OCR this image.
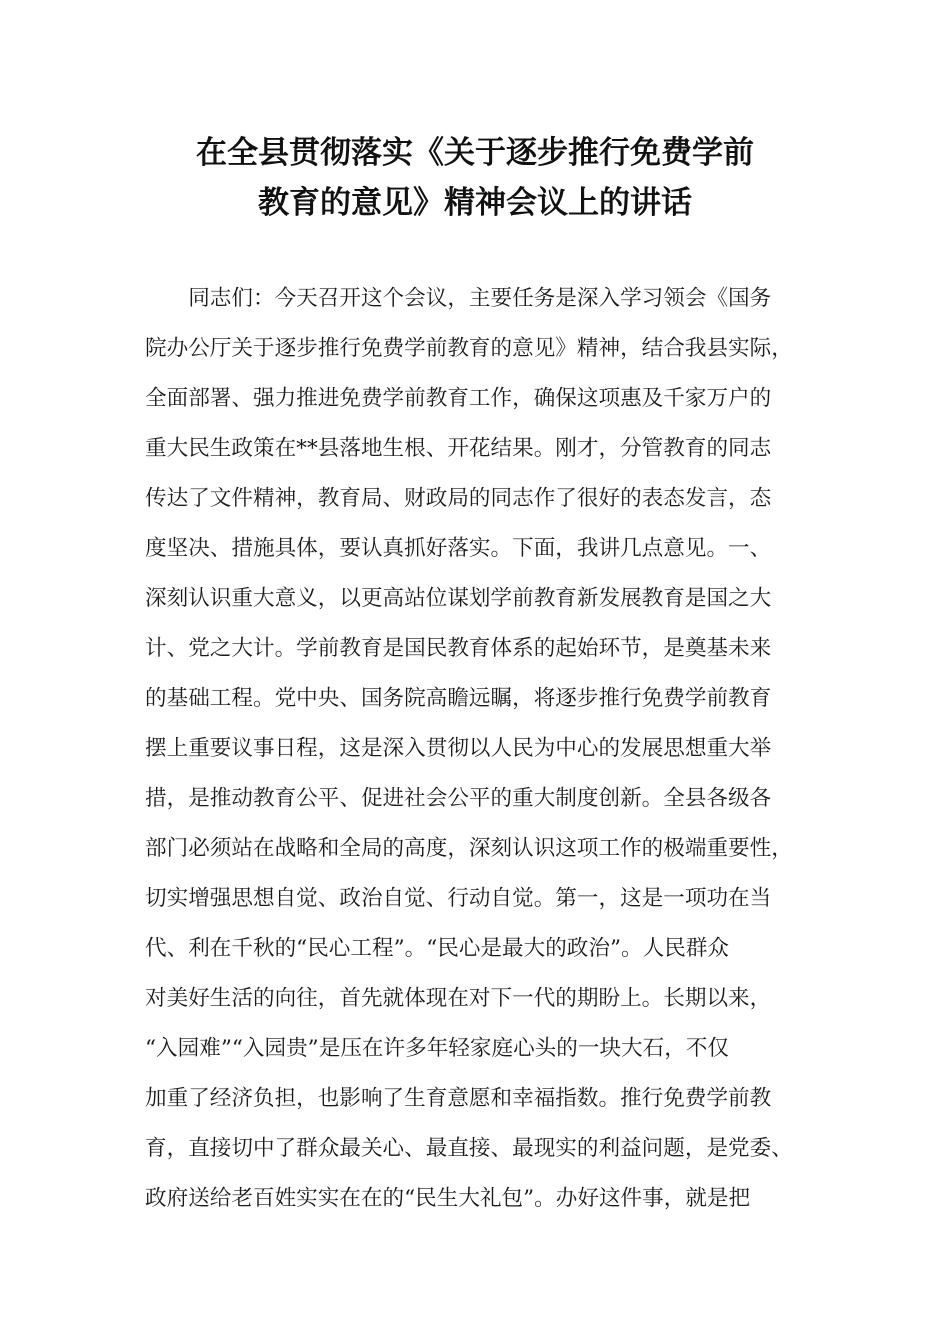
在全县贯彻落实《关于逐步推行免费学前
教育的意见》精神会议上的讲话
　　同志们：今天召开这个会议，主要任务是深入学习领会《国务
院办公厅关于逐步推行免费学前教育的意见》精神，结合我县实际，
全面部署、强力推进免费学前教育工作，确保这项惠及千家万户的
重大民生政策在**县落地生根、开花结果。刚才，分管教育的同志
传达了文件精神，教育局、财政局的同志作了很好的表态发言，态
度坚决、措施具体，要认真抓好落实。下面，我讲几点意见。一、
深刻认识重大意义，以更高站位谋划学前教育新发展教育是国之大
计、党之大计。学前教育是国民教育体系的起始环节，是奠基未来
的基础工程。党中央、国务院高瞻远瞩，将逐步推行免费学前教育
摆上重要议事日程，这是深入贯彻以人民为中心的发展思想重大举
措，是推动教育公平、促进社会公平的重大制度创新。全县各级各
部门必须站在战略和全局的高度，深刻认识这项工作的极端重要性，
切实增强思想自觉、政治自觉、行动自觉。第一，这是一项功在当
代、利在千秋的“民心工程”。“民心是最大的政治”。人民群众
对美好生活的向往，首先就体现在对下一代的期盼上。长期以来，
“入园难”“入园贵”是压在许多年轻家庭心头的一块大石，不仅
加重了经济负担，也影响了生育意愿和幸福指数。推行免费学前教
育，直接切中了群众最关心、最直接、最现实的利益问题，是党委、
政府送给老百姓实实在在的“民生大礼包”。办好这件事，就是把
